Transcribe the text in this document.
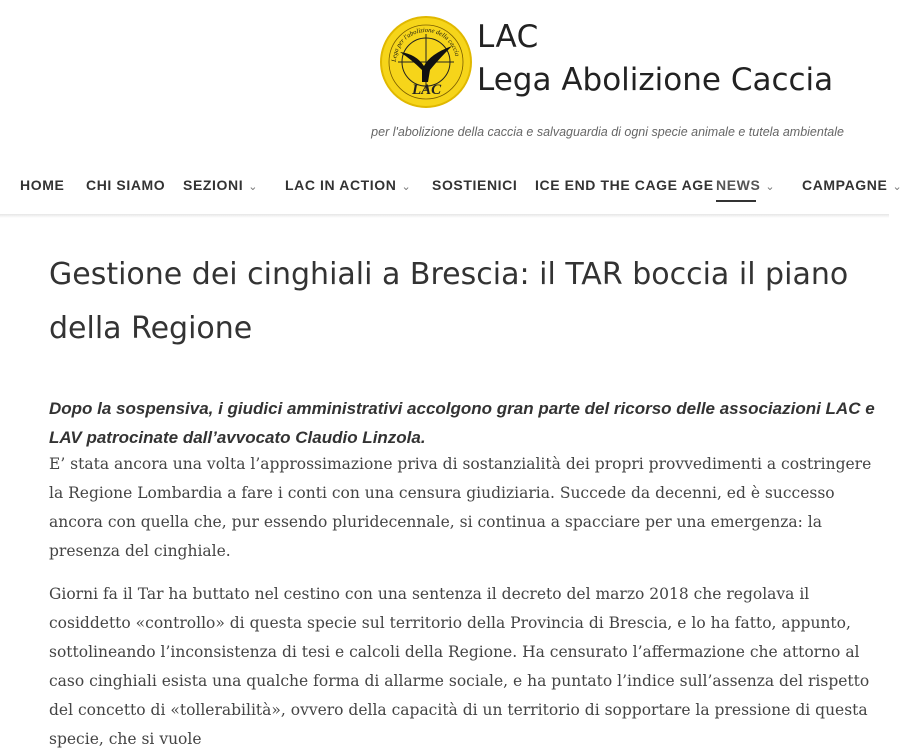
Lega per l'abolizione della caccia
LAC
LAC
Lega Abolizione Caccia
per l'abolizione della caccia e salvaguardia di ogni specie animale e tutela ambientale
HOME CHI SIAMO SEZIONI ⌄ LAC IN ACTION ⌄ SOSTIENICI ICE END THE CAGE AGE NEWS ⌄ CAMPAGNE ⌄
Gestione dei cinghiali a Brescia: il TAR boccia il piano della Regione

Dopo la sospensiva, i giudici amministrativi accolgono gran parte del ricorso delle associazioni LAC e LAV patrocinate dall’avvocato Claudio Linzola.

E’ stata ancora una volta l’approssimazione priva di sostanzialità dei propri provvedimenti a costringere la Regione Lombardia a fare i conti con una censura giudiziaria. Succede da decenni, ed è successo ancora con quella che, pur essendo pluridecennale, si continua a spacciare per una emergenza: la presenza del cinghiale.

Giorni fa il Tar ha buttato nel cestino con una sentenza il decreto del marzo 2018 che regolava il cosiddetto «controllo» di questa specie sul territorio della Provincia di Brescia, e lo ha fatto, appunto, sottolineando l’inconsistenza di tesi e calcoli della Regione. Ha censurato l’affermazione che attorno al caso cinghiali esista una qualche forma di allarme sociale, e ha puntato l’indice sull’assenza del rispetto del concetto di «tollerabilità», ovvero della capacità di un territorio di sopportare la pressione di questa specie, che si vuole
